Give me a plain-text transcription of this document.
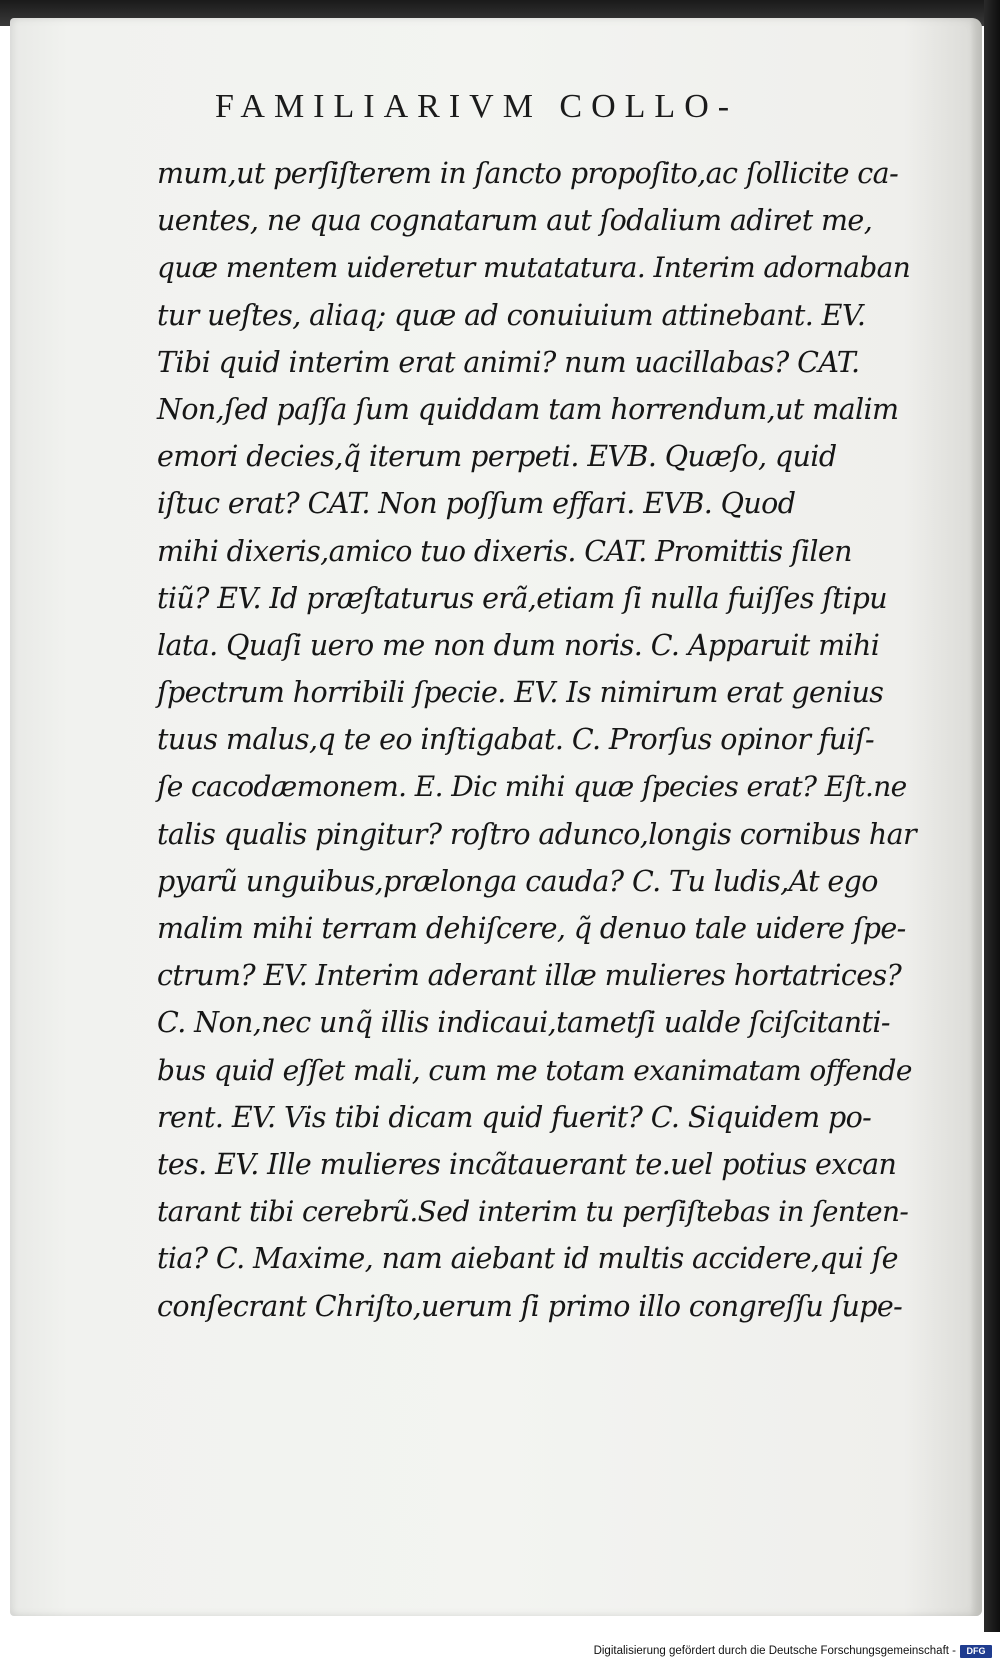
FAMILIARIVM COLLO-
mum,ut perſiſterem in ſancto propoſito,ac ſollicite ca-
uentes, ne qua cognatarum aut ſodalium adiret me,
quæ mentem uideretur mutatatura. Interim adornaban
tur ueſtes, aliaq; quæ ad conuiuium attinebant. EV.
Tibi quid interim erat animi? num uacillabas? CAT.
Non,ſed paſſa ſum quiddam tam horrendum,ut malim
emori decies,q̃ iterum perpeti. EVB. Quæſo, quid
iſtuc erat? CAT. Non poſſum effari. EVB. Quod
mihi dixeris,amico tuo dixeris. CAT. Promittis ſilen
tiũ? EV. Id præſtaturus erã,etiam ſi nulla fuiſſes ſtipu
lata. Quaſi uero me non dum noris. C. Apparuit mihi
ſpectrum horribili ſpecie. EV. Is nimirum erat genius
tuus malus,q te eo inſtigabat. C. Prorſus opinor fuiſ-
ſe cacodæmonem. E. Dic mihi quæ ſpecies erat? Eſt.ne
talis qualis pingitur? roſtro adunco,longis cornibus har
pyarũ unguibus,prælonga cauda? C. Tu ludis,At ego
malim mihi terram dehiſcere, q̃ denuo tale uidere ſpe-
ctrum? EV. Interim aderant illæ mulieres hortatrices?
C. Non,nec unq̃ illis indicaui,tametſi ualde ſciſcitanti-
bus quid eſſet mali, cum me totam exanimatam offende
rent. EV. Vis tibi dicam quid fuerit? C. Siquidem po-
tes. EV. Ille mulieres incãtauerant te.uel potius excan
tarant tibi cerebrũ.Sed interim tu perſiſtebas in ſenten-
tia? C. Maxime, nam aiebant id multis accidere,qui ſe
conſecrant Chriſto,uerum ſi primo illo congreſſu ſupe-
Digitalisierung gefördert durch die Deutsche Forschungsgemeinschaft -	DFG
